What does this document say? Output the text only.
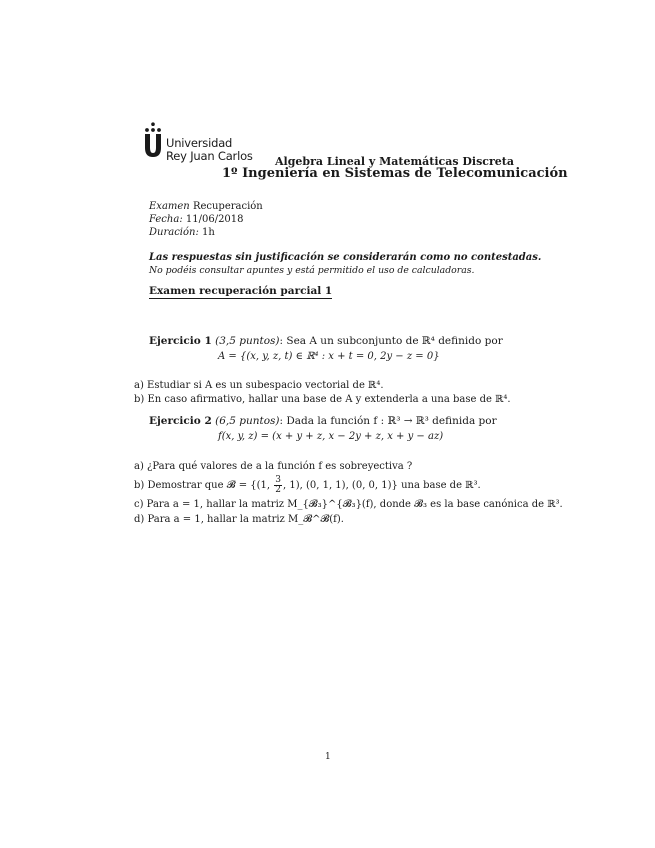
Universidad
Rey Juan Carlos Algebra Lineal y Matemáticas Discreta
1º Ingeniería en Sistemas de Telecomunicación
Examen Recuperación
Fecha: 11/06/2018
Duración: 1h
Las respuestas sin justificación se considerarán como no contestadas.
No podéis consultar apuntes y está permitido el uso de calculadoras.
Examen recuperación parcial 1
Ejercicio 1 (3,5 puntos): Sea A un subconjunto de ℝ⁴ definido por
A = {(x, y, z, t) ∈ ℝ⁴ : x + t = 0, 2y − z = 0}
a) Estudiar si A es un subespacio vectorial de ℝ⁴.
b) En caso afirmativo, hallar una base de A y extenderla a una base de ℝ⁴.
Ejercicio 2 (6,5 puntos): Dada la función f : ℝ³ → ℝ³ definida por
f(x, y, z) = (x + y + z, x − 2y + z, x + y − az)
a) ¿Para qué valores de a la función f es sobreyectiva ?
b) Demostrar que 𝓑 = {(1, $\frac{3}{2}$ , 1), (0, 1, 1), (0, 0, 1)} una base de ℝ³.
c) Para a = 1, hallar la matriz M_{𝓑₃}^{𝓑₃}(f), donde 𝓑₃ es la base canónica de ℝ³.
d) Para a = 1, hallar la matriz M_𝓑^𝓑(f).
1
